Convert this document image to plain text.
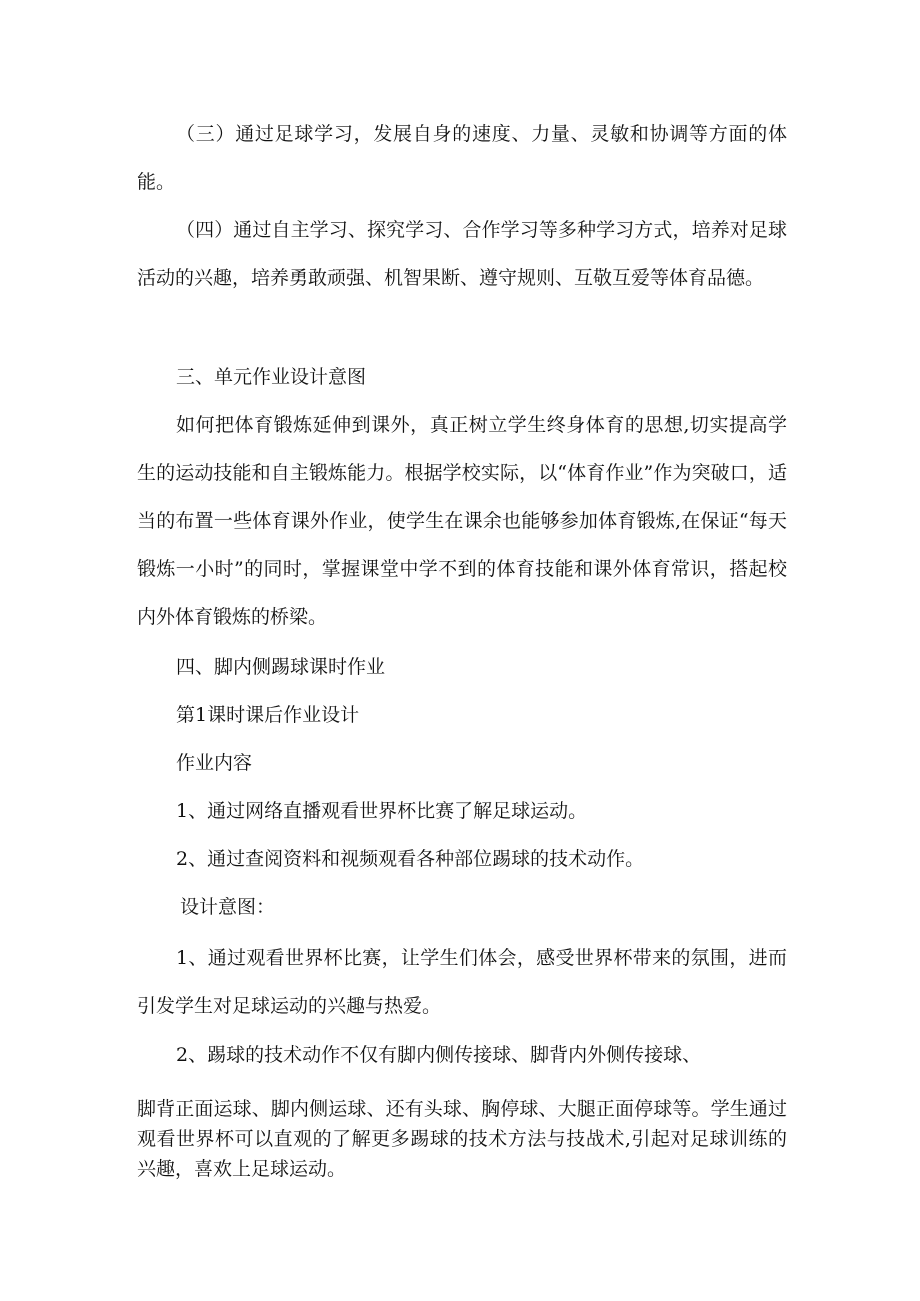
（三）通过足球学习，发展自身的速度、力量、灵敏和协调等方面的体能。

（四）通过自主学习、探究学习、合作学习等多种学习方式，培养对足球活动的兴趣，培养勇敢顽强、机智果断、遵守规则、互敬互爱等体育品德。

三、单元作业设计意图

如何把体育锻炼延伸到课外，真正树立学生终身体育的思想,切实提高学生的运动技能和自主锻炼能力。根据学校实际，以“体育作业”作为突破口，适当的布置一些体育课外作业，使学生在课余也能够参加体育锻炼,在保证“每天锻炼一小时”的同时，掌握课堂中学不到的体育技能和课外体育常识，搭起校内外体育锻炼的桥梁。

四、脚内侧踢球课时作业

第1课时课后作业设计

作业内容

1、通过网络直播观看世界杯比赛了解足球运动。

2、通过查阅资料和视频观看各种部位踢球的技术动作。

设计意图：

1、通过观看世界杯比赛，让学生们体会，感受世界杯带来的氛围，进而引发学生对足球运动的兴趣与热爱。

2、踢球的技术动作不仅有脚内侧传接球、脚背内外侧传接球、

脚背正面运球、脚内侧运球、还有头球、胸停球、大腿正面停球等。学生通过观看世界杯可以直观的了解更多踢球的技术方法与技战术,引起对足球训练的兴趣，喜欢上足球运动。
